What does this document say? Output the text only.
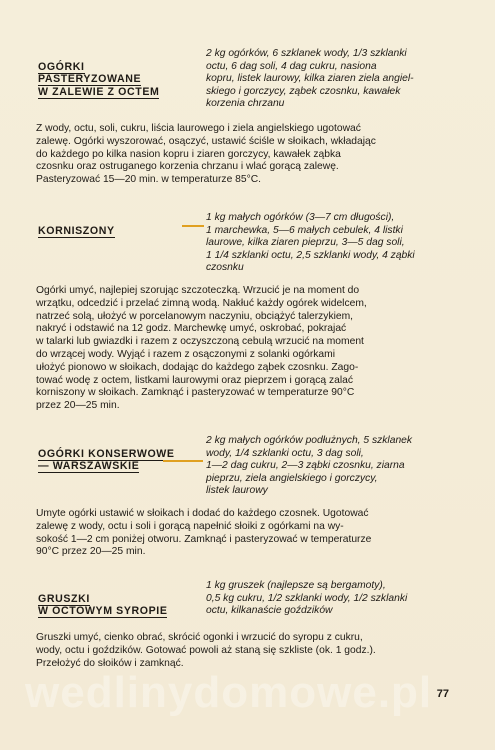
OGÓRKI
PASTERYZOWANE
W ZALEWIE Z OCTEM

2 kg ogórków, 6 szklanek wody, 1/3 szklanki
octu, 6 dag soli, 4 dag cukru, nasiona
kopru, listek laurowy, kilka ziaren ziela angiel-
skiego i gorczycy, ząbek czosnku, kawałek
korzenia chrzanu
Z wody, octu, soli, cukru, liścia laurowego i ziela angielskiego ugotować
zalewę. Ogórki wyszorować, osączyć, ustawić ściśle w słoikach, wkładając
do każdego po kilka nasion kopru i ziaren gorczycy, kawałek ząbka
czosnku oraz ostruganego korzenia chrzanu i wlać gorącą zalewę.
Pasteryzować 15—20 min. w temperaturze 85°C.

KORNISZONY

1 kg małych ogórków (3—7 cm długości),
1 marchewka, 5—6 małych cebulek, 4 listki
laurowe, kilka ziaren pieprzu, 3—5 dag soli,
1 1/4 szklanki octu, 2,5 szklanki wody, 4 ząbki
czosnku
Ogórki umyć, najlepiej szorując szczoteczką. Wrzucić je na moment do
wrzątku, odcedzić i przelać zimną wodą. Nakłuć każdy ogórek widelcem,
natrzeć solą, ułożyć w porcelanowym naczyniu, obciążyć talerzykiem,
nakryć i odstawić na 12 godz. Marchewkę umyć, oskrobać, pokrajać
w talarki lub gwiazdki i razem z oczyszczoną cebulą wrzucić na moment
do wrzącej wody. Wyjąć i razem z osączonymi z solanki ogórkami
ułożyć pionowo w słoikach, dodając do każdego ząbek czosnku. Zago-
tować wodę z octem, listkami laurowymi oraz pieprzem i gorącą zalać
korniszony w słoikach. Zamknąć i pasteryzować w temperaturze 90°C
przez 20—25 min.

OGÓRKI KONSERWOWE
— WARSZAWSKIE

2 kg małych ogórków podłużnych, 5 szklanek
wody, 1/4 szklanki octu, 3 dag soli,
1—2 dag cukru, 2—3 ząbki czosnku, ziarna
pieprzu, ziela angielskiego i gorczycy,
listek laurowy
Umyte ogórki ustawić w słoikach i dodać do każdego czosnek. Ugotować
zalewę z wody, octu i soli i gorącą napełnić słoiki z ogórkami na wy-
sokość 1—2 cm poniżej otworu. Zamknąć i pasteryzować w temperaturze
90°C przez 20—25 min.

GRUSZKI
W OCTOWYM SYROPIE

1 kg gruszek (najlepsze są bergamoty),
0,5 kg cukru, 1/2 szklanki wody, 1/2 szklanki
octu, kilkanaście goździków
Gruszki umyć, cienko obrać, skrócić ogonki i wrzucić do syropu z cukru,
wody, octu i goździków. Gotować powoli aż staną się szkliste (ok. 1 godz.).
Przełożyć do słoików i zamknąć.
wedlinydomowe.pl 77
